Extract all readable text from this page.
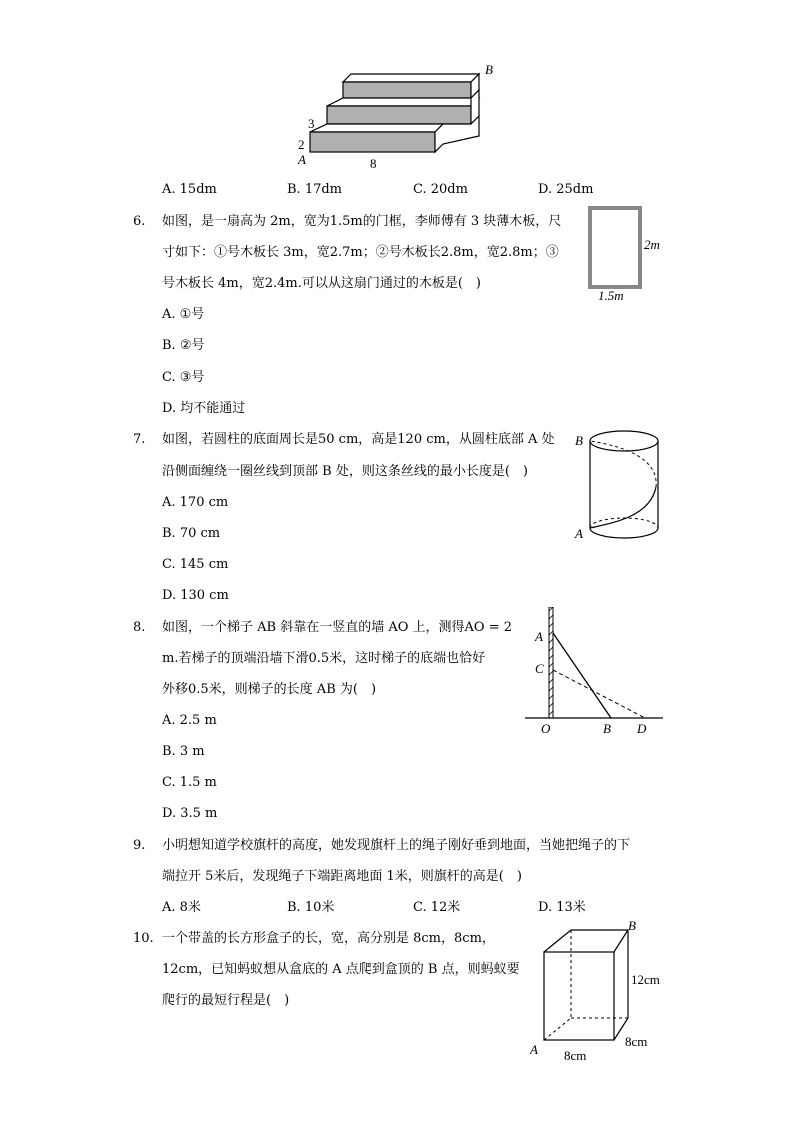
B
3
2
A	8
A. 15dm	B. 17dm	C. 20dm	D. 25dm
6. 如图，是一扇高为 2m，宽为1.5m的门框，李师傅有 3 块薄木板，尺
寸如下：①号木板长 3m，宽2.7m；②号木板长2.8m，宽2.8m；③
号木板长 4m，宽2.4m.可以从这扇门通过的木板是(　)
A. ①号
B. ②号
C. ③号
D. 均不能通过
2m
1.5m
7. 如图，若圆柱的底面周长是50 cm，高是120 cm，从圆柱底部 A 处
沿侧面缠绕一圈丝线到顶部 B 处，则这条丝线的最小长度是(　)
A. 170 cm
B. 70 cm
C. 145 cm
D. 130 cm
B
A
8. 如图，一个梯子 AB 斜靠在一竖直的墙 AO 上，测得AO = 2
m.若梯子的顶端沿墙下滑0.5米，这时梯子的底端也恰好
外移0.5米，则梯子的长度 AB 为(　)
A. 2.5 m
B. 3 m
C. 1.5 m
D. 3.5 m
A
C
O	B D
9. 小明想知道学校旗杆的高度，她发现旗杆上的绳子刚好垂到地面，当她把绳子的下
端拉开 5米后，发现绳子下端距离地面 1米，则旗杆的高是(　)
A. 8米	B. 10米	C. 12米	D. 13米
10. 一个带盖的长方形盒子的长，宽，高分别是 8cm，8cm，
12cm，已知蚂蚁想从盒底的 A 点爬到盒顶的 B 点，则蚂蚁要
爬行的最短行程是(　)
B
A
12cm
8cm
8cm
